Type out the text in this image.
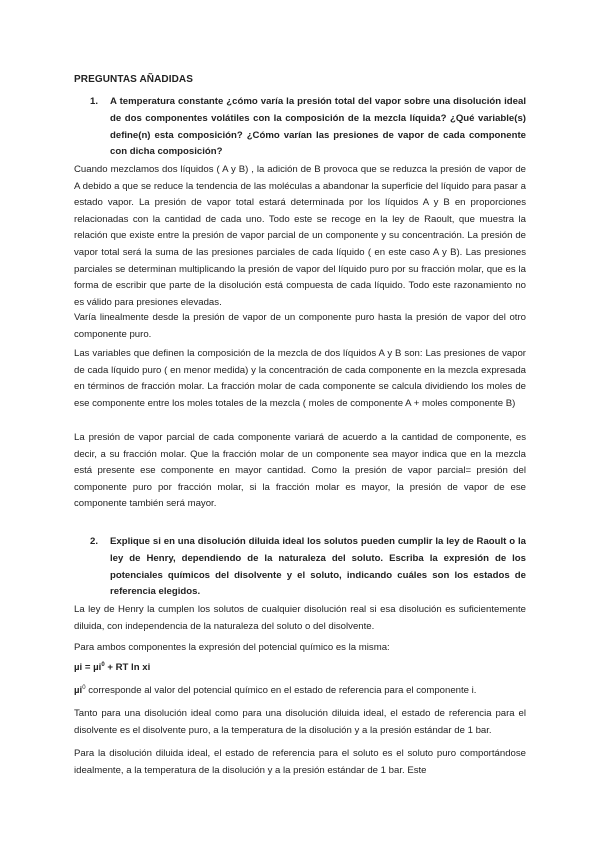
PREGUNTAS AÑADIDAS
1. A temperatura constante ¿cómo varía la presión total del vapor sobre una disolución ideal de dos componentes volátiles con la composición de la mezcla líquida? ¿Qué variable(s) define(n) esta composición? ¿Cómo varían las presiones de vapor de cada componente con dicha composición?
Cuando mezclamos dos líquidos ( A y B) , la adición de B provoca que se reduzca la presión de vapor de A debido a que se reduce la tendencia de las moléculas a abandonar la superficie del líquido para pasar a estado vapor. La presión de vapor total estará determinada por los líquidos A y B en proporciones relacionadas con la cantidad de cada uno. Todo este se recoge en la ley de Raoult, que muestra la relación que existe entre la presión de vapor parcial de un componente y su concentración. La presión de vapor total será la suma de las presiones parciales de cada líquido ( en este caso A y B). Las presiones parciales se determinan multiplicando la presión de vapor del líquido puro por su fracción molar, que es la forma de escribir que parte de la disolución está compuesta de cada líquido. Todo este razonamiento no es válido para presiones elevadas.
Varía linealmente desde la presión de vapor de un componente puro hasta la presión de vapor del otro componente puro.
Las variables que definen la composición de la mezcla de dos líquidos A y B son: Las presiones de vapor de cada líquido puro ( en menor medida) y la concentración de cada componente en la mezcla expresada en términos de fracción molar. La fracción molar de cada componente se calcula dividiendo los moles de ese componente entre los moles totales de la mezcla ( moles de componente A + moles componente B)
La presión de vapor parcial de cada componente variará de acuerdo a la cantidad de componente, es decir, a su fracción molar. Que la fracción molar de un componente sea mayor indica que en la mezcla está presente ese componente en mayor cantidad. Como la presión de vapor parcial= presión del componente puro por fracción molar, si la fracción molar es mayor, la presión de vapor de ese componente también será mayor.
2. Explique si en una disolución diluida ideal los solutos pueden cumplir la ley de Raoult o la ley de Henry, dependiendo de la naturaleza del soluto. Escriba la expresión de los potenciales químicos del disolvente y el soluto, indicando cuáles son los estados de referencia elegidos.
La ley de Henry la cumplen los solutos de cualquier disolución real si esa disolución es suficientemente diluida, con independencia de la naturaleza del soluto o del disolvente.
Para ambos componentes la expresión del potencial químico es la misma:
µi = µi$^0$ + RT ln xi
µi$^0$ corresponde al valor del potencial químico en el estado de referencia para el componente i.
Tanto para una disolución ideal como para una disolución diluida ideal, el estado de referencia para el disolvente es el disolvente puro, a la temperatura de la disolución y a la presión estándar de 1 bar.
Para la disolución diluida ideal, el estado de referencia para el soluto es el soluto puro comportándose idealmente, a la temperatura de la disolución y a la presión estándar de 1 bar. Este
